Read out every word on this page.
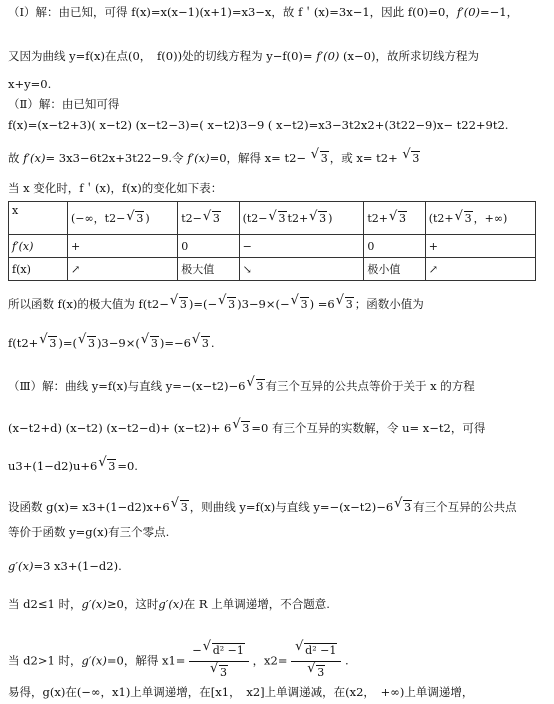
（Ⅰ）解：由已知，可得 f(x)=x(x−1)(x+1)=x3−x，故 f＇(x)=3x−1，因此 f(0)=0，f′(0)=−1，
又因为曲线 y=f(x)在点(0，　f(0))处的切线方程为 y−f(0)= f′(0) (x−0)，故所求切线方程为
x+y=0.
（Ⅱ）解：由已知可得
f(x)=(x−t2+3)( x−t2) (x−t2−3)=( x−t2)3−9 ( x−t2)=x3−3t2x2+(3t22−9)x− t22+9t2.
故 f′(x)= 3x3−6t2x+3t22−9.令 f′(x)=0，解得 x= t2− √ 3 ，或 x= t2+ √ 3
当 x 变化时，f＇(x)，f(x)的变化如下表：
x	(−∞，t2− √ 3 )	t2− √ 3	(t2− √ 3 t2+ √ 3 )	t2+ √ 3	(t2+ √ 3 ，+∞)
f′(x)	+	0	−	0	+
f(x)	↗	极大值	↘	极小值	↗
所以函数 f(x)的极大值为 f(t2− √ 3 )=(− √ 3 )3−9×(− √ 3 ) =6 √ 3 ；函数小值为
f(t2+ √ 3 )=( √ 3 )3−9×( √ 3 )=−6 √ 3 .
（Ⅲ）解：曲线 y=f(x)与直线 y=−(x−t2)−6 √ 3 有三个互异的公共点等价于关于 x 的方程
(x−t2+d) (x−t2) (x−t2−d)+ (x−t2)+ 6 √ 3 =0 有三个互异的实数解，令 u= x−t2，可得
u3+(1−d2)u+6 √ 3 =0.
设函数 g(x)= x3+(1−d2)x+6 √ 3 ，则曲线 y=f(x)与直线 y=−(x−t2)−6 √ 3 有三个互异的公共点
等价于函数 y=g(x)有三个零点.
g′(x)=3 x3+(1−d2).
当 d2≤1 时，g′(x)≥0，这时g′(x)在 R 上单调递增，不合题意.
当 d2>1 时，g′(x)=0，解得 $x1= \frac{\text{− √ d² −1}}{√ 3}$ ，$x2= \frac{\text{√ d² −1}}{√ 3}$ .
易得，g(x)在(−∞，x1)上单调递增，在[x1，　x2]上单调递减，在(x2，　+∞)上单调递增，
